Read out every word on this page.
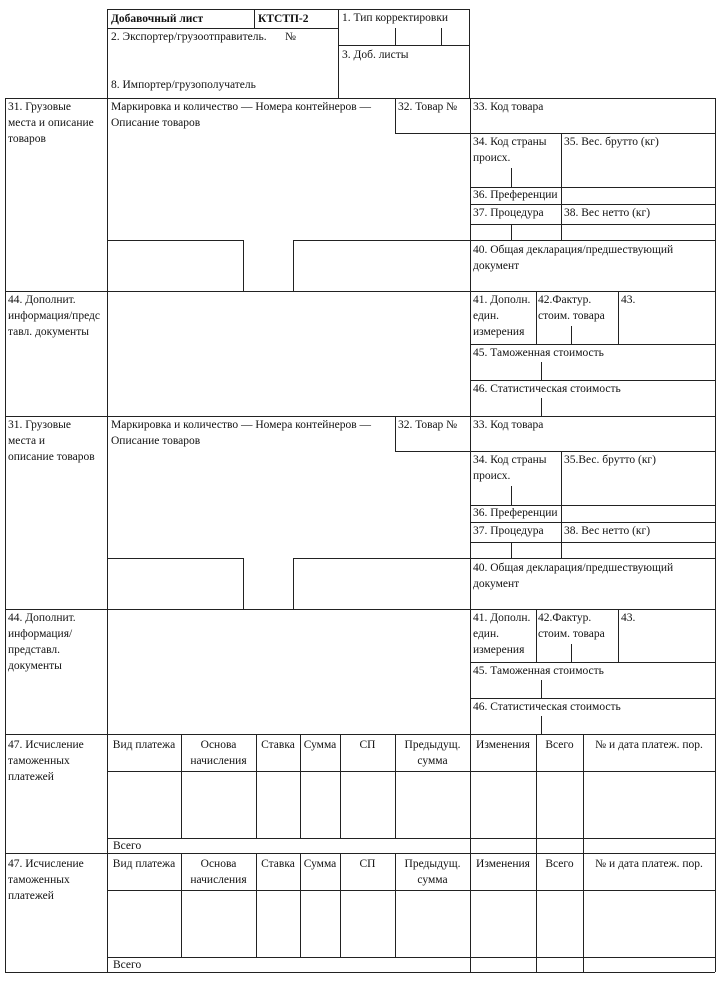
Добавочный лист	КТСТП-2	1. Тип корректировки
2. Экспортер/грузоотправитель. №
3. Доб. листы
8. Импортер/грузополучатель
31. Грузовые
места и описание
товаров
Маркировка и количество — Номера контейнеров —
Описание товаров
32. Товар № 33. Код товара
34. Код страны
происх.
35. Вес. брутто (кг)
36. Преференции
37. Процедура 38. Вес нетто (кг)
40. Общая декларация/предшествующий
документ
44. Дополнит.
информация/предс
тавл. документы
41. Дополн.
един.
измерения
42.Фактур.
стоим. товара
43.
45. Таможенная стоимость
46. Статистическая стоимость
31. Грузовые
места и
описание товаров
Маркировка и количество — Номера контейнеров —
Описание товаров
32. Товар № 33. Код товара
34. Код страны
происх.
35.Вес. брутто (кг)
36. Преференции
37. Процедура 38. Вес нетто (кг)
40. Общая декларация/предшествующий
документ
44. Дополнит.
информация/
представл.
документы
41. Дополн.
един.
измерения
42.Фактур.
стоим. товара
43.
45. Таможенная стоимость
46. Статистическая стоимость
47. Исчисление
таможенных
платежей
Вид платежа	Основа
начисления
Ставка Сумма	СП	Предыдущ.
сумма
Изменения	Всего	№ и дата платеж. пор.
Всего
47. Исчисление
таможенных
платежей
Вид платежа	Основа
начисления
Ставка Сумма	СП	Предыдущ.
сумма
Изменения	Всего	№ и дата платеж. пор.
Всего
